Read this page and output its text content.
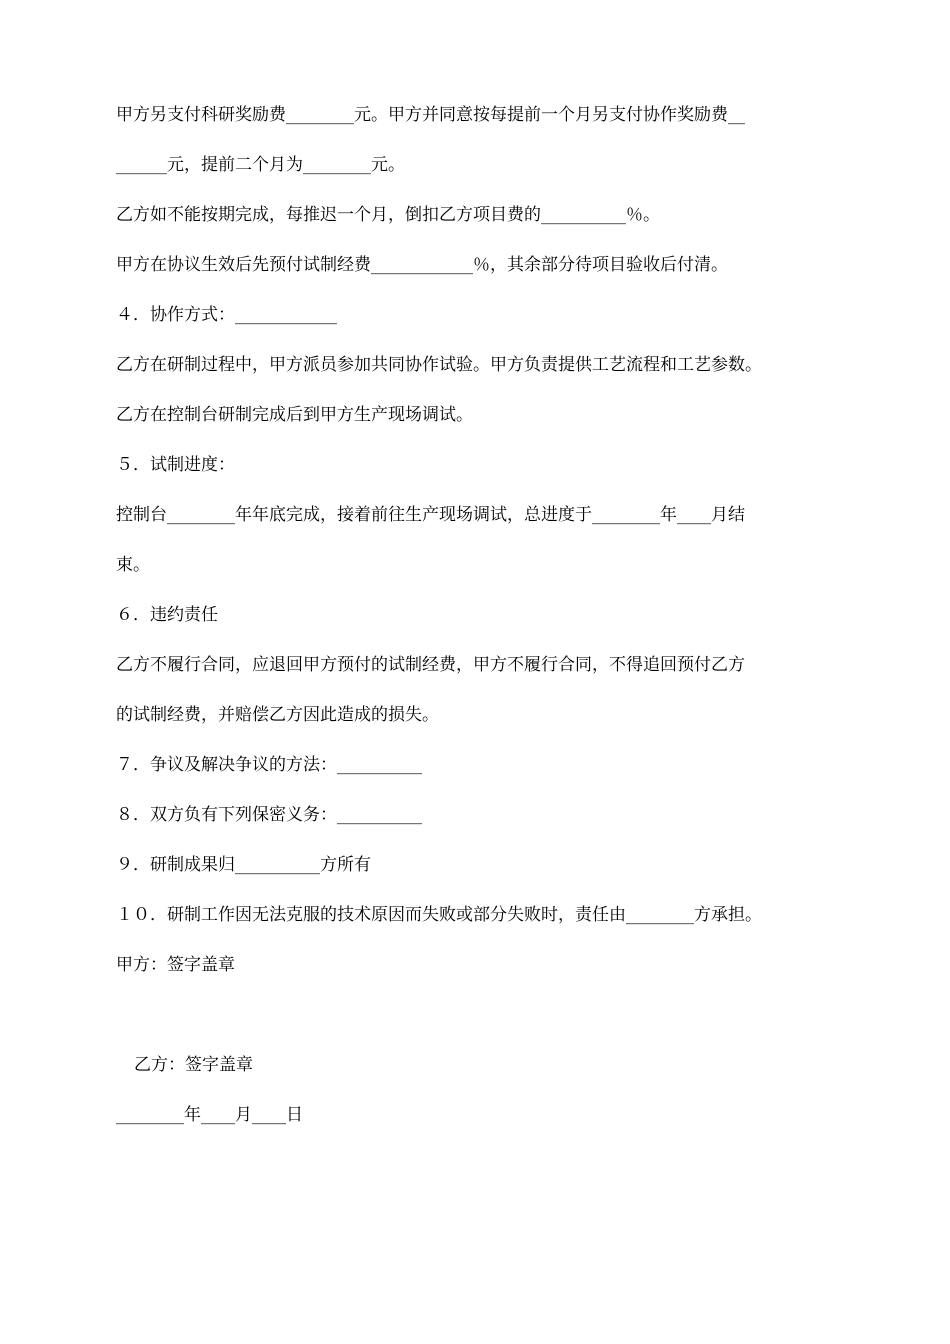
甲方另支付科研奖励费________元。甲方并同意按每提前一个月另支付协作奖励费__
______元，提前二个月为________元。
乙方如不能按期完成，每推迟一个月，倒扣乙方项目费的__________％。
甲方在协议生效后先预付试制经费____________％，其余部分待项目验收后付清。
４．协作方式：____________
乙方在研制过程中，甲方派员参加共同协作试验。甲方负责提供工艺流程和工艺参数。
乙方在控制台研制完成后到甲方生产现场调试。
５．试制进度：
控制台________年年底完成，接着前往生产现场调试，总进度于________年____月结
束。
６．违约责任
乙方不履行合同，应退回甲方预付的试制经费，甲方不履行合同，不得追回预付乙方
的试制经费，并赔偿乙方因此造成的损失。
７．争议及解决争议的方法：__________
８．双方负有下列保密义务：__________
９．研制成果归__________方所有
１０．研制工作因无法克服的技术原因而失败或部分失败时，责任由________方承担。
甲方：签字盖章
乙方：签字盖章
________年____月____日
